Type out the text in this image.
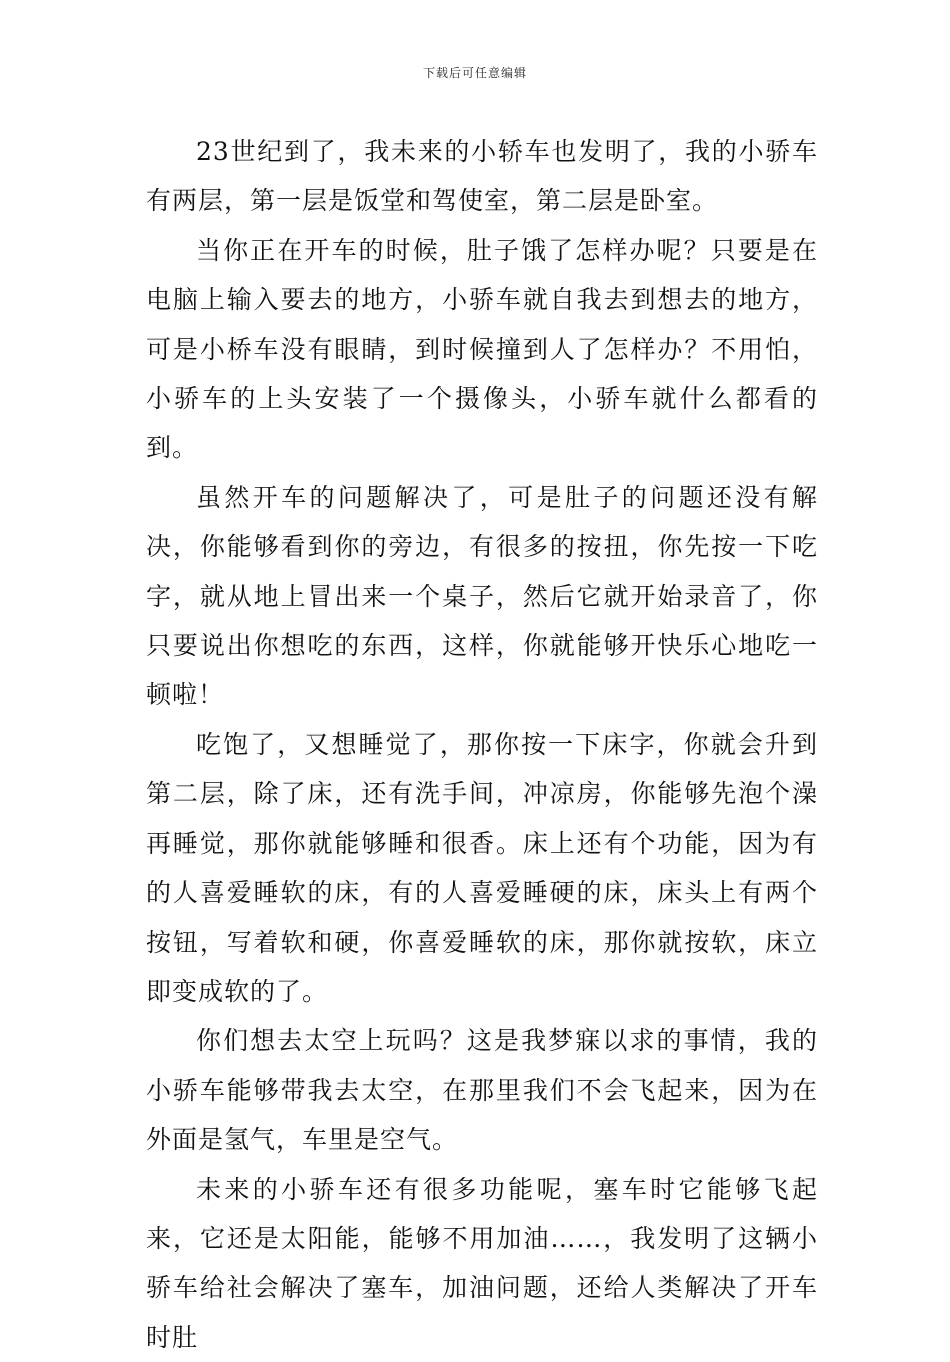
下载后可任意编辑

23世纪到了，我未来的小轿车也发明了，我的小骄车有两层，第一层是饭堂和驾使室，第二层是卧室。

当你正在开车的时候，肚子饿了怎样办呢？只要是在电脑上输入要去的地方，小骄车就自我去到想去的地方，可是小桥车没有眼睛，到时候撞到人了怎样办？不用怕，小骄车的上头安装了一个摄像头，小骄车就什么都看的到。

虽然开车的问题解决了，可是肚子的问题还没有解决，你能够看到你的旁边，有很多的按扭，你先按一下吃字，就从地上冒出来一个桌子，然后它就开始录音了，你只要说出你想吃的东西，这样，你就能够开快乐心地吃一顿啦！

吃饱了，又想睡觉了，那你按一下床字，你就会升到第二层，除了床，还有洗手间，冲凉房，你能够先泡个澡再睡觉，那你就能够睡和很香。床上还有个功能，因为有的人喜爱睡软的床，有的人喜爱睡硬的床，床头上有两个按钮，写着软和硬，你喜爱睡软的床，那你就按软，床立即变成软的了。

你们想去太空上玩吗？这是我梦寐以求的事情，我的小骄车能够带我去太空，在那里我们不会飞起来，因为在外面是氢气，车里是空气。

未来的小骄车还有很多功能呢，塞车时它能够飞起来，它还是太阳能，能够不用加油……，我发明了这辆小骄车给社会解决了塞车，加油问题，还给人类解决了开车时肚
